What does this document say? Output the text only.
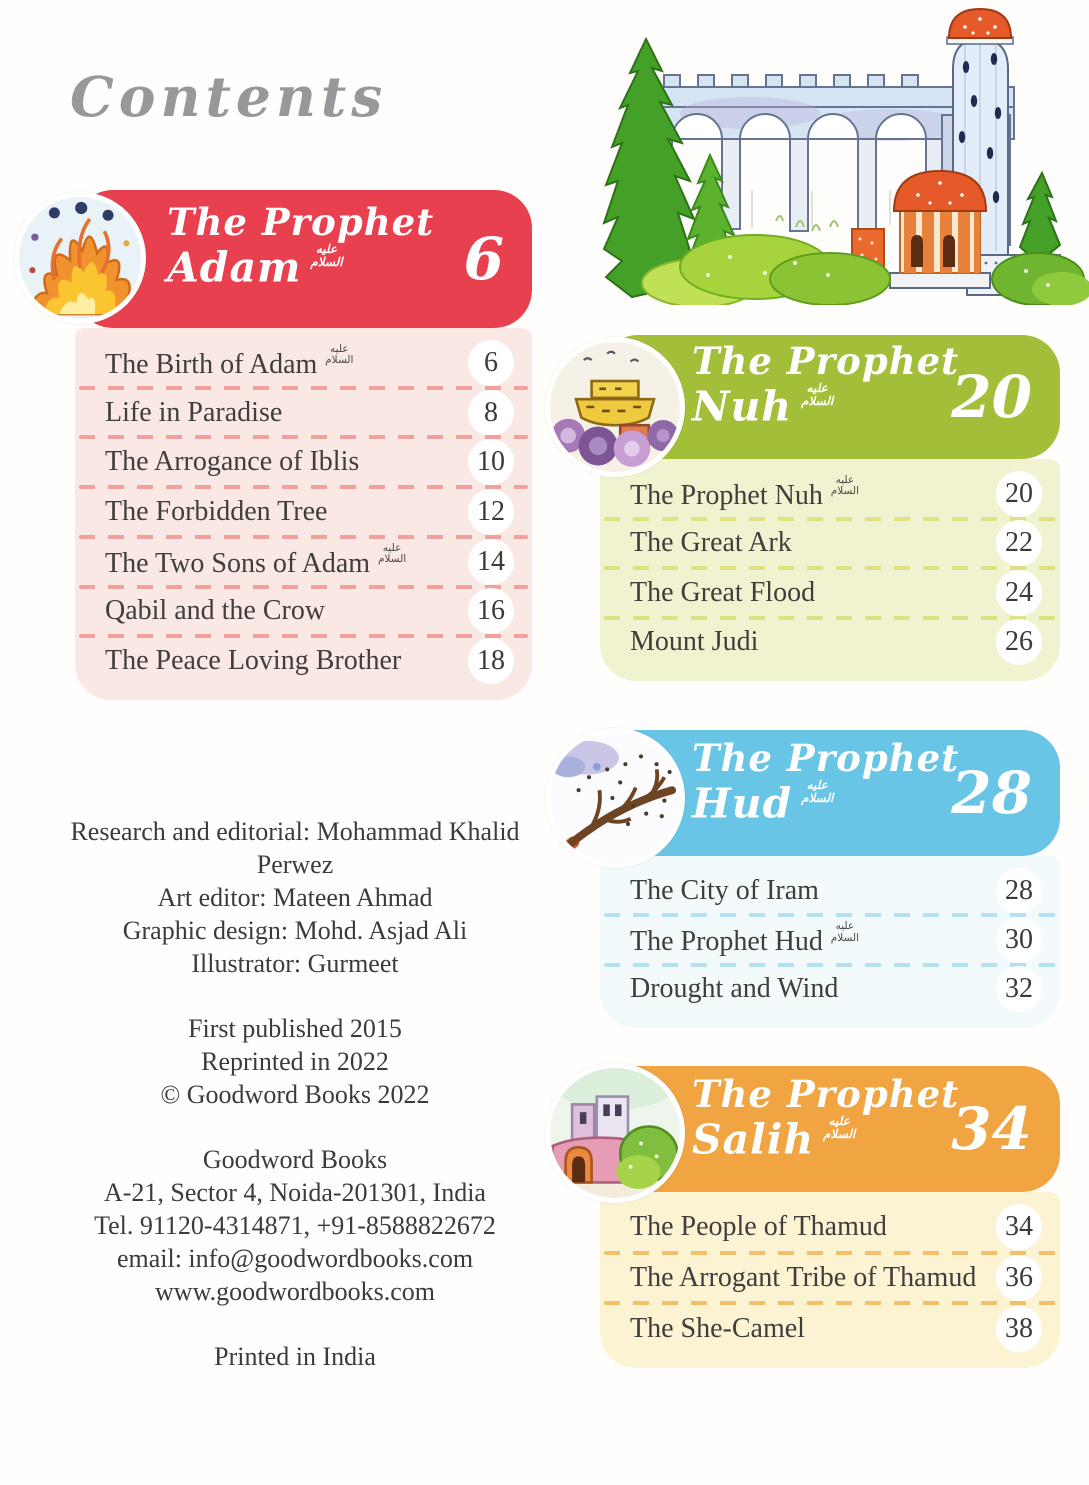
Contents
The Prophet
Adam عليه السلام	6
The Birth of Adamعليه السلام	6
Life in Paradise	8
The Arrogance of Iblis	10
The Forbidden Tree	12
The Two Sons of Adamعليه السلام	14
Qabil and the Crow	16
The Peace Loving Brother	18
The Prophet
Nuh عليه السلام	20
The Prophet Nuhعليه السلام	20
The Great Ark	22
The Great Flood	24
Mount Judi	26
The Prophet
Hud عليه السلام	28
The City of Iram	28
The Prophet Hudعليه السلام	30
Drought and Wind	32
The Prophet
Salih عليه السلام	34
The People of Thamud	34
The Arrogant Tribe of Thamud	36
The She-Camel	38
Research and editorial: Mohammad Khalid
Perwez
Art editor: Mateen Ahmad
Graphic design: Mohd. Asjad Ali
Illustrator: Gurmeet
First published 2015
Reprinted in 2022
© Goodword Books 2022
Goodword Books
A-21, Sector 4, Noida-201301, India
Tel. 91120-4314871, +91-8588822672
email: info@goodwordbooks.com
www.goodwordbooks.com
Printed in India
